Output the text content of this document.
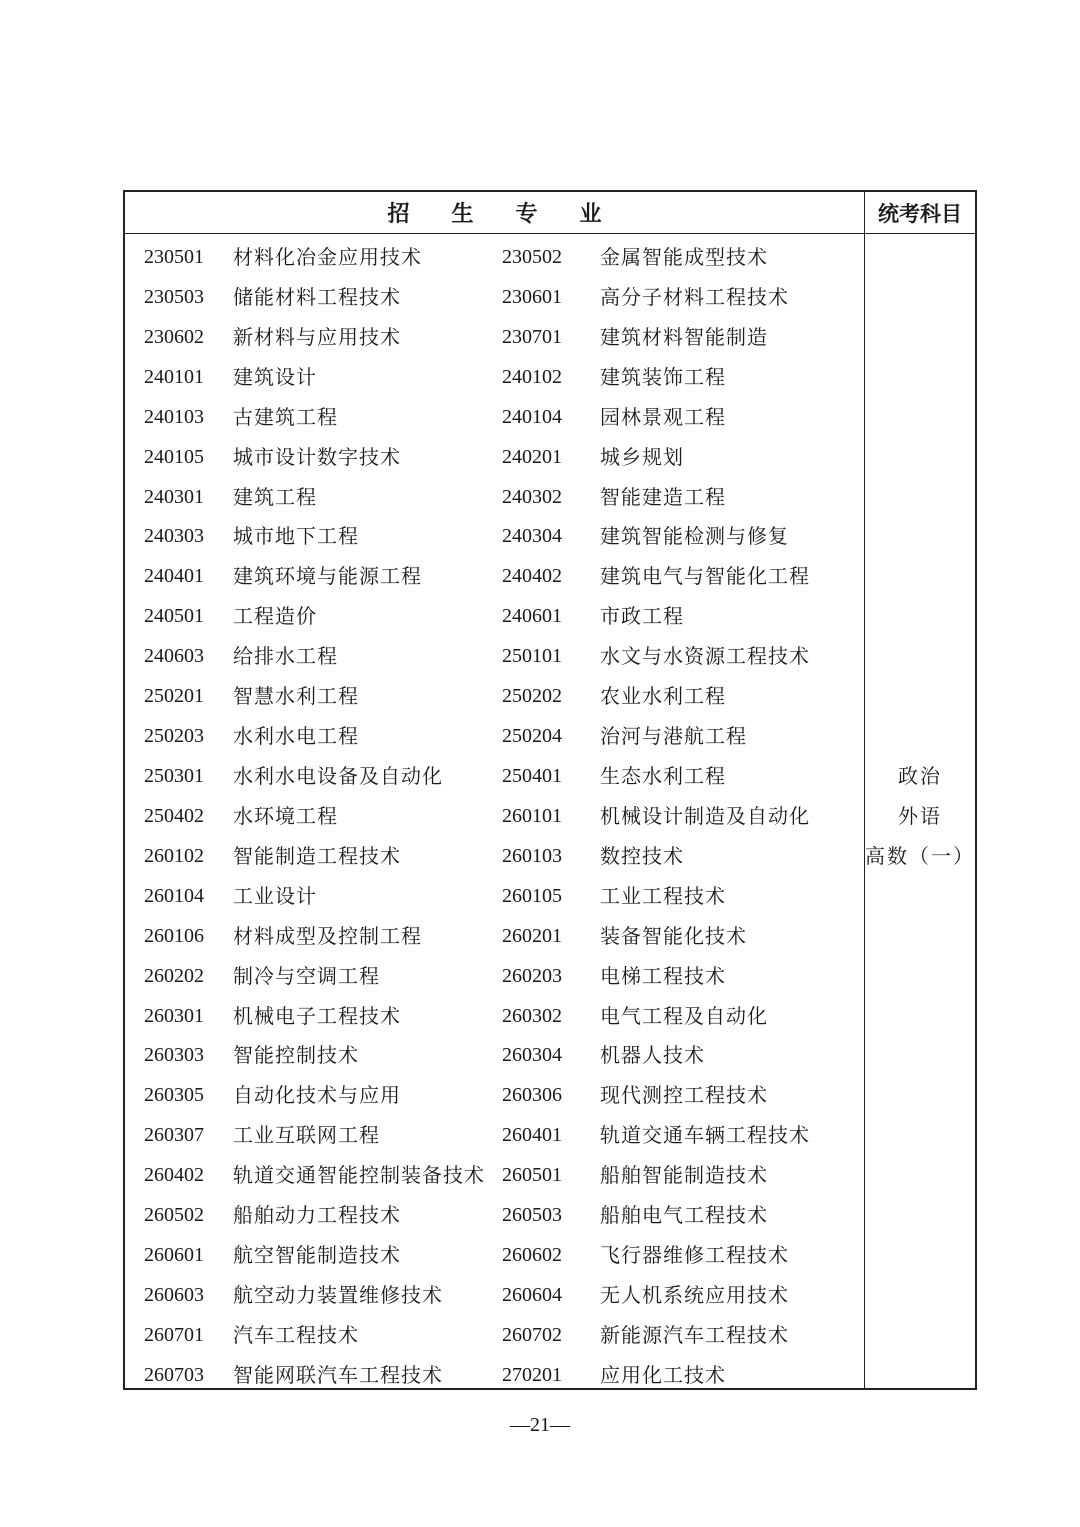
招 生 专 业	统考科目
230501 材料化冶金应用技术	230502 金属智能成型技术
230503 储能材料工程技术	230601 高分子材料工程技术
230602 新材料与应用技术	230701 建筑材料智能制造
240101 建筑设计	240102 建筑装饰工程
240103 古建筑工程	240104 园林景观工程
240105 城市设计数字技术	240201 城乡规划
240301 建筑工程	240302 智能建造工程
240303 城市地下工程	240304 建筑智能检测与修复
240401 建筑环境与能源工程	240402 建筑电气与智能化工程
240501 工程造价	240601 市政工程
240603 给排水工程	250101 水文与水资源工程技术
250201 智慧水利工程	250202 农业水利工程
250203 水利水电工程	250204 治河与港航工程
250301 水利水电设备及自动化	250401 生态水利工程
250402 水环境工程	260101 机械设计制造及自动化
260102 智能制造工程技术	260103 数控技术
260104 工业设计	260105 工业工程技术
260106 材料成型及控制工程	260201 装备智能化技术
260202 制冷与空调工程	260203 电梯工程技术
260301 机械电子工程技术	260302 电气工程及自动化
260303 智能控制技术	260304 机器人技术
260305 自动化技术与应用	260306 现代测控工程技术
260307 工业互联网工程	260401 轨道交通车辆工程技术
260402 轨道交通智能控制装备技术 260501 船舶智能制造技术
260502 船舶动力工程技术	260503 船舶电气工程技术
260601 航空智能制造技术	260602 飞行器维修工程技术
260603 航空动力装置维修技术	260604 无人机系统应用技术
260701 汽车工程技术	260702 新能源汽车工程技术
260703 智能网联汽车工程技术	270201 应用化工技术
政治
外语
高数（一）
—21—
